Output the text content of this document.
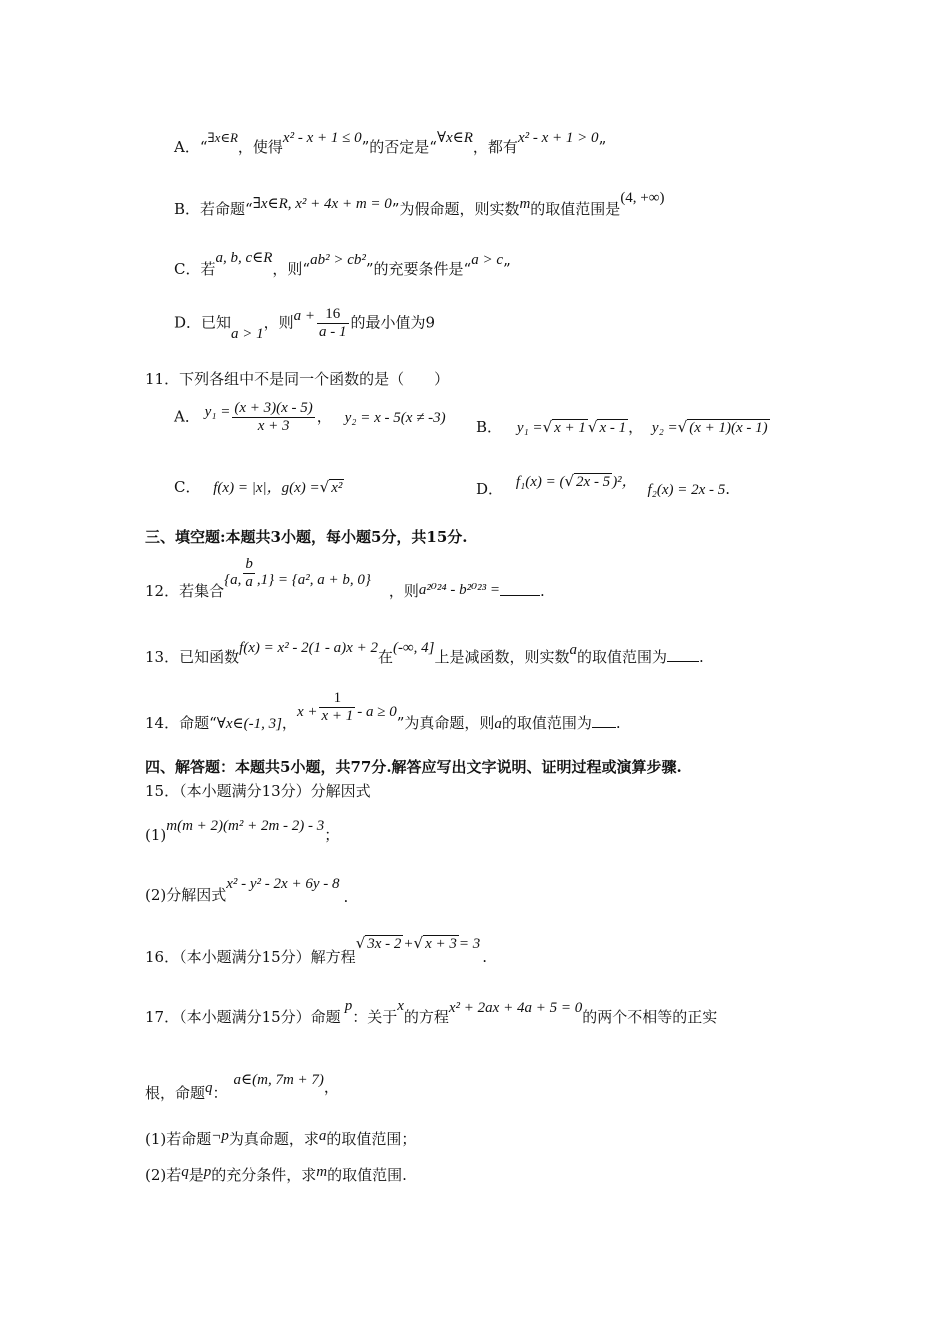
A．“∃x∈R，使得x² - x + 1 ≤ 0”的否定是“∀x∈R，都有x² - x + 1 > 0”
B．若命题“∃x∈R, x² + 4x + m = 0”为假命题，则实数m的取值范围是(4, +∞)
C．若a, b, c∈R，则“ab² > cb²”的充要条件是“a > c”
D．已知a > 1，则$a + \frac{16}{a - 1}$ 的最小值为9
11．下列各组中不是同一个函数的是（　　）
A． $y_1 = \frac{(x + 3)(x - 5)}{x + 3}$ ， y₂ = x - 5(x ≠ -3)
B． y₁ =√ x + 1 √ x - 1 ， y₂ =√ (x + 1)(x - 1)
C． f(x) = |x|，g(x) =√ x²	D． f₁(x) = (√ 2x - 5 )²， f₂(x) = 2x - 5.
三、填空题:本题共3小题，每小题5分，共15分.
12．若集合{a, $\frac{b}{a} ,1\} = \{a^2$, a + b, 0}，则a²⁰²⁴ - b²⁰²³ =	.
13．已知函数f(x) = x² - 2(1 - a)x + 2在(-∞, 4]上是减函数，则实数a的取值范围为 .
14．命题“∀x∈(-1, 3]，$x + \frac{1}{x + 1} - a \ge 0$”为真命题，则a的取值范围为 .
四、解答题：本题共5小题，共77分.解答应写出文字说明、证明过程或演算步骤.
15．（本小题满分13分）分解因式
(1)m(m + 2)(m² + 2m - 2) - 3；
(2)分解因式x² - y² - 2x + 6y - 8.
16．（本小题满分15分）解方程√ 3x - 2 +√ x + 3 = 3.
17．（本小题满分15分）命题p：关于x的方程x² + 2ax + 4a + 5 = 0的两个不相等的正实
根，命题q：a∈(m, 7m + 7)，
(1)若命题¬p为真命题，求a的取值范围；
(2)若q是p的充分条件，求m的取值范围.
